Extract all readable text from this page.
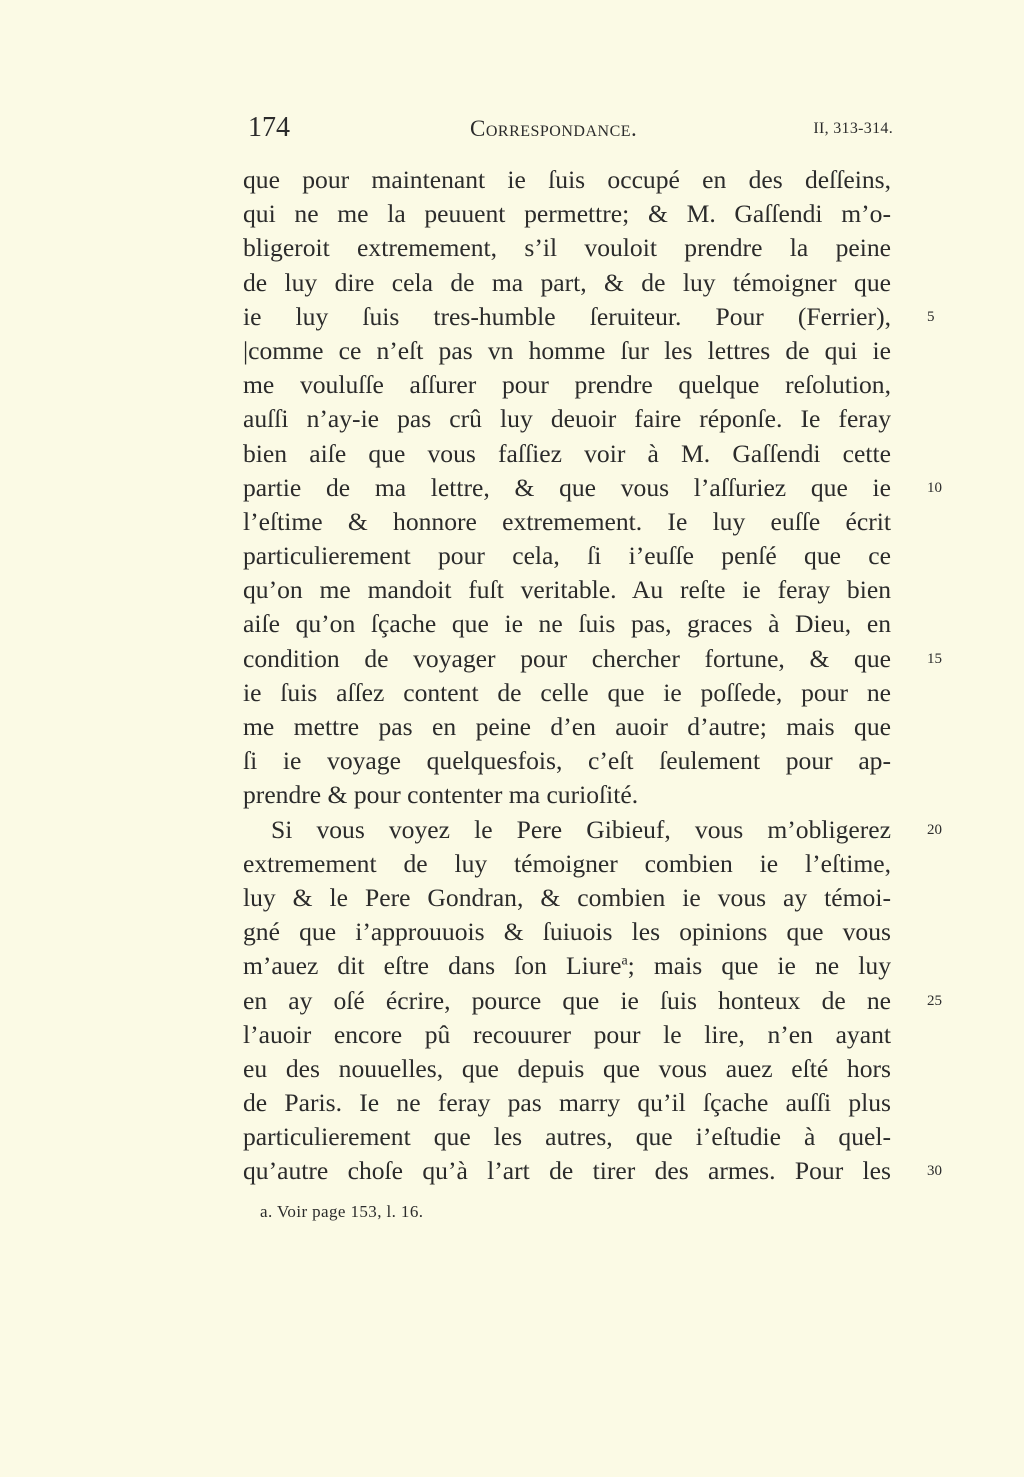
174	Correspondance.	II, 313-314.
que pour maintenant ie ſuis occupé en des deſſeins,
qui ne me la peuuent permettre; & M. Gaſſendi m’o-
bligeroit extremement, s’il vouloit prendre la peine
de luy dire cela de ma part, & de luy témoigner que
ie luy ſuis tres-humble ſeruiteur. Pour (Ferrier), 5
|comme ce n’eſt pas vn homme ſur les lettres de qui ie
me vouluſſe aſſurer pour prendre quelque reſolution,
auſſi n’ay-ie pas crû luy deuoir faire réponſe. Ie feray
bien aiſe que vous faſſiez voir à M. Gaſſendi cette
partie de ma lettre, & que vous l’aſſuriez que ie 10
l’eſtime & honnore extremement. Ie luy euſſe écrit
particulierement pour cela, ſi i’euſſe penſé que ce
qu’on me mandoit fuſt veritable. Au reſte ie feray bien
aiſe qu’on ſçache que ie ne ſuis pas, graces à Dieu, en
condition de voyager pour chercher fortune, & que 15
ie ſuis aſſez content de celle que ie poſſede, pour ne
me mettre pas en peine d’en auoir d’autre; mais que
ſi ie voyage quelquesfois, c’eſt ſeulement pour ap-
prendre & pour contenter ma curioſité.
Si vous voyez le Pere Gibieuf, vous m’obligerez 20
extremement de luy témoigner combien ie l’eſtime,
luy & le Pere Gondran, & combien ie vous ay témoi-
gné que i’approuuois & ſuiuois les opinions que vous
m’auez dit eſtre dans ſon Liure$^a$; mais que ie ne luy
en ay oſé écrire, pource que ie ſuis honteux de ne 25
l’auoir encore pû recouurer pour le lire, n’en ayant
eu des nouuelles, que depuis que vous auez eſté hors
de Paris. Ie ne feray pas marry qu’il ſçache auſſi plus
particulierement que les autres, que i’eſtudie à quel-
qu’autre choſe qu’à l’art de tirer des armes. Pour les 30
a. Voir page 153, l. 16.
